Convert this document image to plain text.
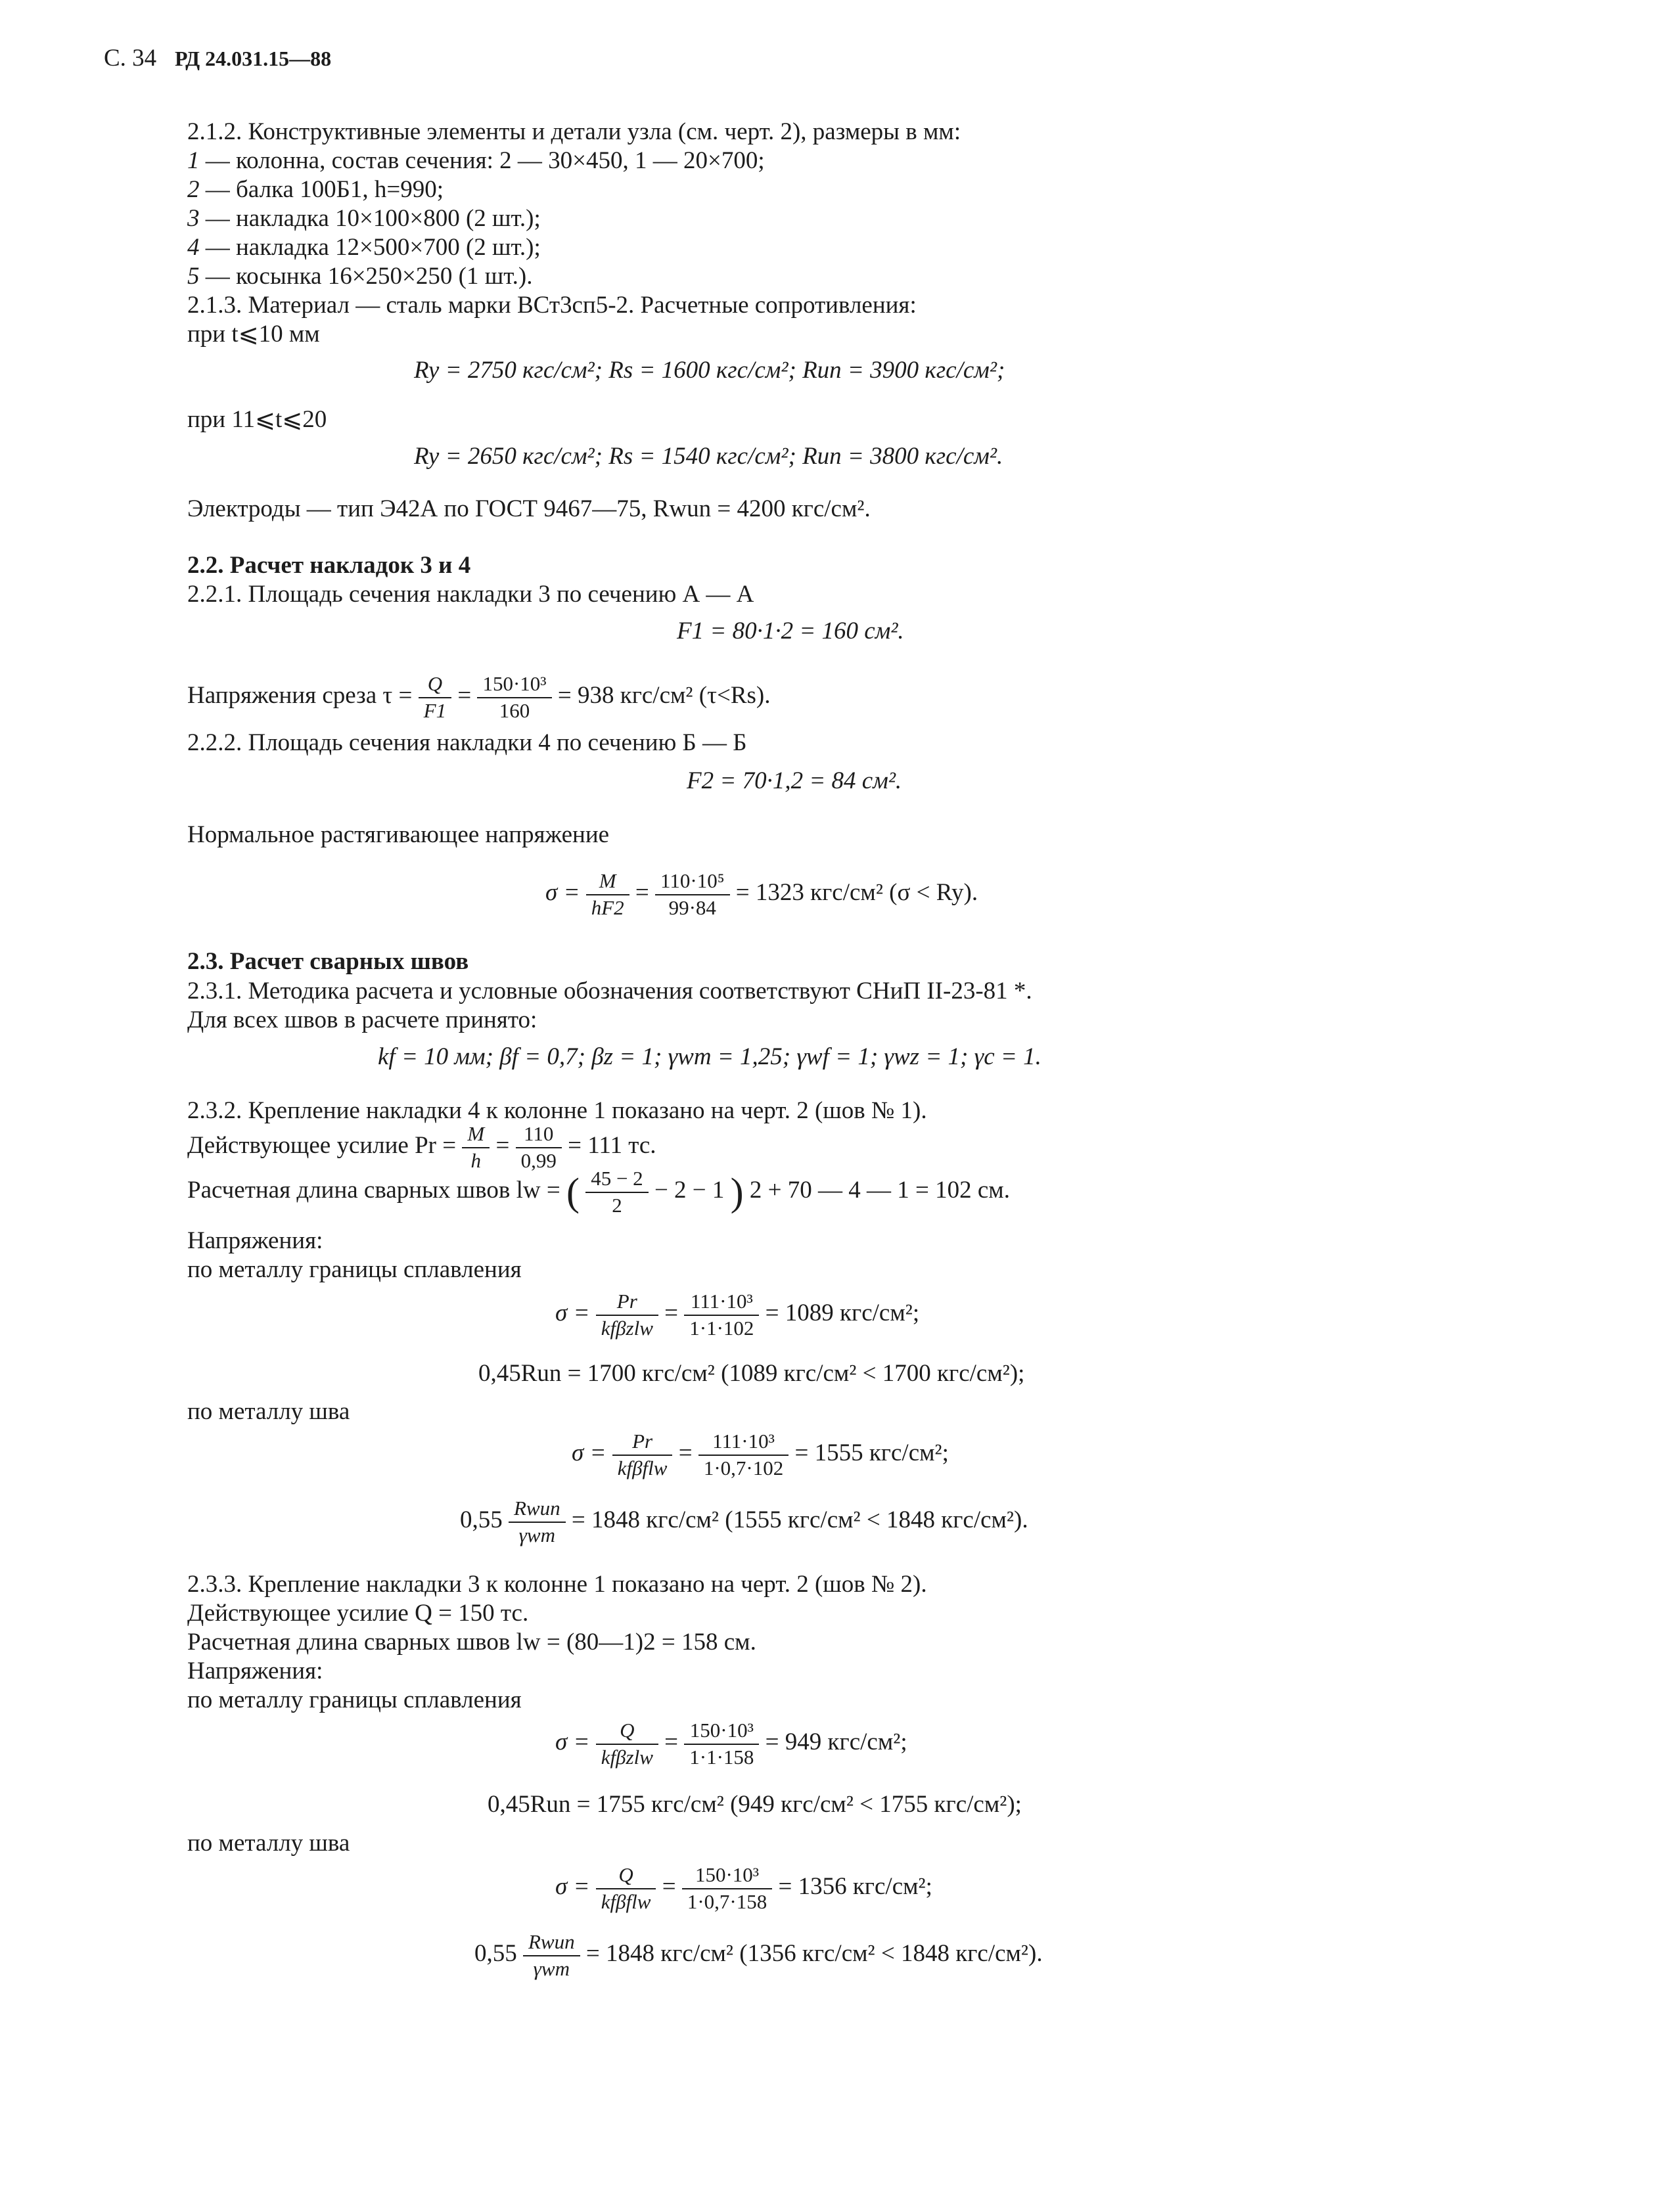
С. 34 РД 24.031.15—88
2.1.2. Конструктивные элементы и детали узла (см. черт. 2), размеры в мм:
1 — колонна, состав сечения: 2 — 30×450, 1 — 20×700;
2 — балка 100Б1, h=990;
3 — накладка 10×100×800 (2 шт.);
4 — накладка 12×500×700 (2 шт.);
5 — косынка 16×250×250 (1 шт.).
2.1.3. Материал — сталь марки ВСт3сп5-2. Расчетные сопротивления:
при t⩽10 мм
Ry = 2750 кгс/см²; Rs = 1600 кгс/см²; Run = 3900 кгс/см²;
при 11⩽t⩽20
Ry = 2650 кгс/см²; Rs = 1540 кгс/см²; Run = 3800 кгс/см².
Электроды — тип Э42А по ГОСТ 9467—75, Rwun = 4200 кгс/см².
2.2. Расчет накладок 3 и 4
2.2.1. Площадь сечения накладки 3 по сечению А — А
F1 = 80·1·2 = 160 см².
Напряжения среза $\tau = \frac{Q}{F1} = \frac{\text{150·10³}}{160} = 938$ кгс/см² (τ<Rs).
2.2.2. Площадь сечения накладки 4 по сечению Б — Б
F2 = 70·1,2 = 84 см².
Нормальное растягивающее напряжение
$\sigma = \frac{M}{hF2} = \frac{\text{110·10⁵}}{99\cdot 84} = 1323$ кгс/см² (σ < Ry).
2.3. Расчет сварных швов
2.3.1. Методика расчета и условные обозначения соответствуют СНиП II-23-81 *.
Для всех швов в расчете принято:
kf = 10 мм; βf = 0,7; βz = 1; γwm = 1,25; γwf = 1; γwz = 1; γc = 1.
2.3.2. Крепление накладки 4 к колонне 1 показано на черт. 2 (шов № 1).
Действующее усилие $Pr = \frac{M}{h} = \frac{110}{0,99} = 111$ тс.
Расчетная длина сварных швов lw = ( $\frac{45 - 2}{2} - 2 - 1$ ) 2 + 70 — 4 — 1 = 102 см.
Напряжения:
по металлу границы сплавления
$\sigma = \frac{Pr}{\text{kfβzlw}} = \frac{\text{111·10³}}{1\cdot 1\cdot 102} = 1089$ кгс/см²;
0,45Run = 1700 кгс/см² (1089 кгс/см² < 1700 кгс/см²);
по металлу шва
$\sigma = \frac{Pr}{\text{kfβflw}} = \frac{\text{111·10³}}{1\cdot 0,7\cdot 102} = 1555$ кгс/см²;
$0,55 \frac{\text{Rwun}}{\text{γwm}} = 1848$ кгс/см² (1555 кгс/см² < 1848 кгс/см²).
2.3.3. Крепление накладки 3 к колонне 1 показано на черт. 2 (шов № 2).
Действующее усилие Q = 150 тс.
Расчетная длина сварных швов lw = (80—1)2 = 158 см.
Напряжения:
по металлу границы сплавления
$\sigma = \frac{Q}{\text{kfβzlw}} = \frac{\text{150·10³}}{1\cdot 1\cdot 158} = 949$ кгс/см²;
0,45Run = 1755 кгс/см² (949 кгс/см² < 1755 кгс/см²);
по металлу шва
$\sigma = \frac{Q}{\text{kfβflw}} = \frac{\text{150·10³}}{1\cdot 0,7\cdot 158} = 1356$ кгс/см²;
$0,55 \frac{\text{Rwun}}{\text{γwm}} = 1848$ кгс/см² (1356 кгс/см² < 1848 кгс/см²).
